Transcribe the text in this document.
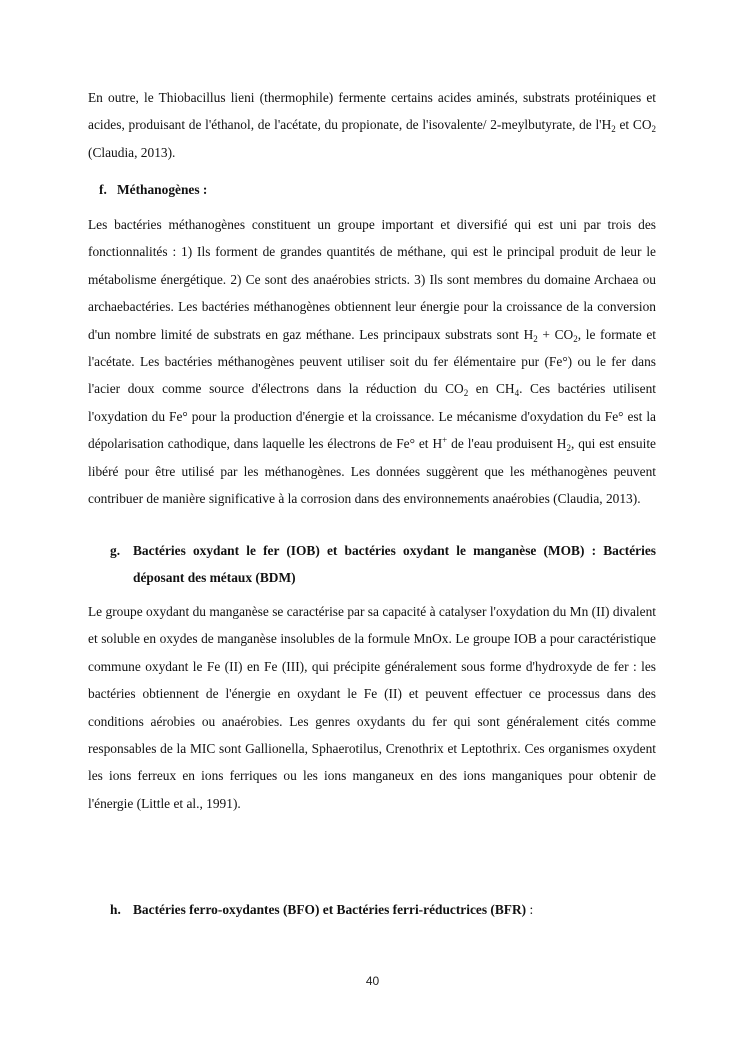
En outre, le Thiobacillus lieni (thermophile) fermente certains acides aminés, substrats protéiniques et acides, produisant de l'éthanol, de l'acétate, du propionate, de l'isovalente/ 2-meylbutyrate, de $l'H_2$ et $CO_2$ (Claudia, 2013).

f. Méthanogènes :

Les bactéries méthanogènes constituent un groupe important et diversifié qui est uni par trois des fonctionnalités : 1) Ils forment de grandes quantités de méthane, qui est le principal produit de leur le métabolisme énergétique. 2) Ce sont des anaérobies stricts. 3) Ils sont membres du domaine Archaea ou archaebactéries. Les bactéries méthanogènes obtiennent leur énergie pour la croissance de la conversion d'un nombre limité de substrats en gaz méthane. Les principaux substrats sont $H_2 + CO_2$, le formate et l'acétate. Les bactéries méthanogènes peuvent utiliser soit du fer élémentaire pur (Fe°) ou le fer dans l'acier doux comme source d'électrons dans la réduction du $CO_2$ en $CH_4$. Ces bactéries utilisent l'oxydation du Fe° pour la production d'énergie et la croissance. Le mécanisme d'oxydation du Fe° est la dépolarisation cathodique, dans laquelle les électrons de Fe° et H+ de l'eau produisent $H_2$, qui est ensuite libéré pour être utilisé par les méthanogènes. Les données suggèrent que les méthanogènes peuvent contribuer de manière significative à la corrosion dans des environnements anaérobies (Claudia, 2013).

g. Bactéries oxydant le fer (IOB) et bactéries oxydant le manganèse (MOB) : Bactéries déposant des métaux (BDM)

Le groupe oxydant du manganèse se caractérise par sa capacité à catalyser l'oxydation du Mn (II) divalent et soluble en oxydes de manganèse insolubles de la formule MnOx. Le groupe IOB a pour caractéristique commune oxydant le Fe (II) en Fe (III), qui précipite généralement sous forme d'hydroxyde de fer : les bactéries obtiennent de l'énergie en oxydant le Fe (II) et peuvent effectuer ce processus dans des conditions aérobies ou anaérobies. Les genres oxydants du fer qui sont généralement cités comme responsables de la MIC sont Gallionella, Sphaerotilus, Crenothrix et Leptothrix. Ces organismes oxydent les ions ferreux en ions ferriques ou les ions manganeux en des ions manganiques pour obtenir de l'énergie (Little et al., 1991).

h. Bactéries ferro-oxydantes (BFO) et Bactéries ferri-réductrices (BFR) :
40
